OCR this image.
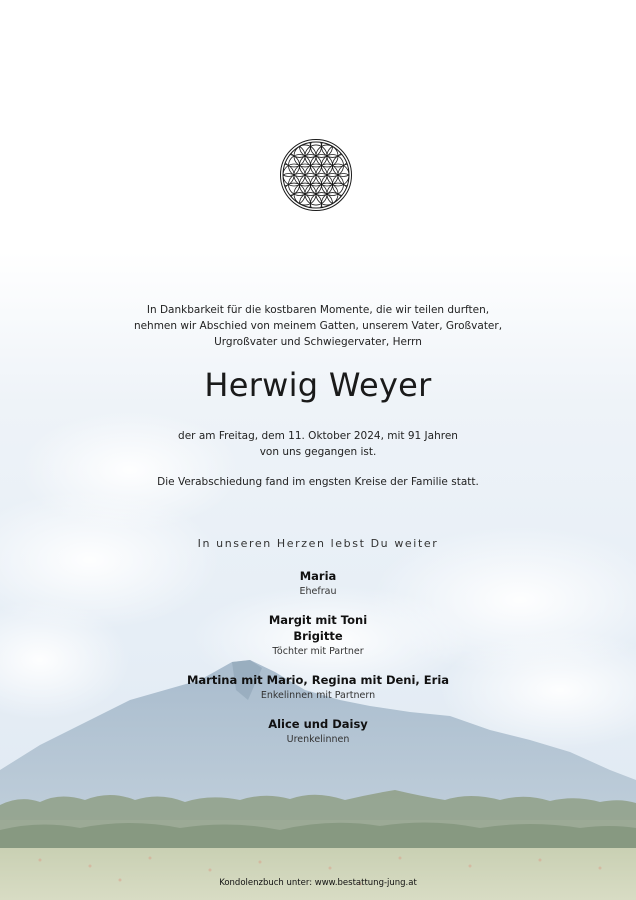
In Dankbarkeit für die kostbaren Momente, die wir teilen durften,
nehmen wir Abschied von meinem Gatten, unserem Vater, Großvater,
Urgroßvater und Schwiegervater, Herrn
Herwig Weyer
der am Freitag, dem 11. Oktober 2024, mit 91 Jahren
von uns gegangen ist.
Die Verabschiedung fand im engsten Kreise der Familie statt.
In unseren Herzen lebst Du weiter
Maria
Ehefrau
Margit mit Toni
Brigitte
Töchter mit Partner
Martina mit Mario, Regina mit Deni, Eria
Enkelinnen mit Partnern
Alice und Daisy
Urenkelinnen
Kondolenzbuch unter: www.bestattung-jung.at
